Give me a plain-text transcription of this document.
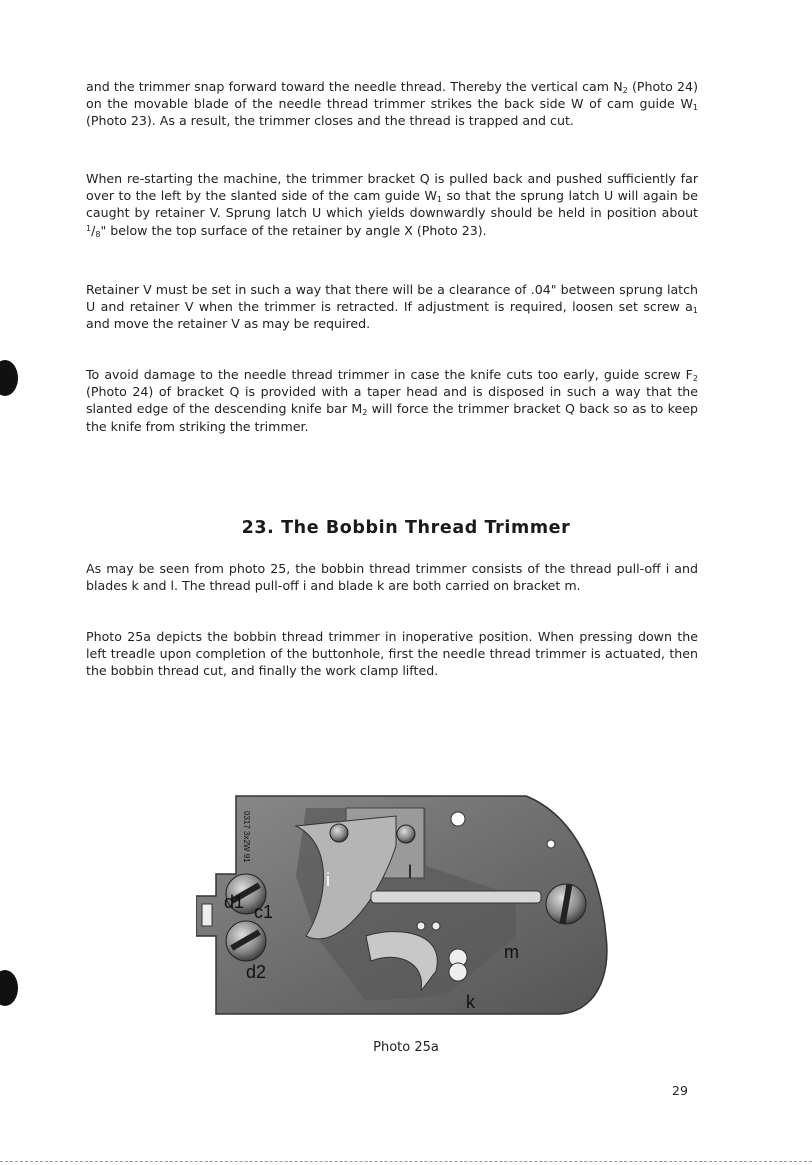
and the trimmer snap forward toward the needle thread. Thereby the vertical cam $N_2$ (Photo 24) on the movable blade of the needle thread trimmer strikes the back side W of cam guide $W_1$ (Photo 23). As a result, the trimmer closes and the thread is trapped and cut.

When re-starting the machine, the trimmer bracket Q is pulled back and pushed sufficiently far over to the left by the slanted side of the cam guide $W_1$ so that the sprung latch U will again be caught by retainer V. Sprung latch U which yields downwardly should be held in position about $^1/_8$" below the top surface of the retainer by angle X (Photo 23).

Retainer V must be set in such a way that there will be a clearance of .04" between sprung latch U and retainer V when the trimmer is retracted. If adjustment is required, loosen set screw $a_1$ and move the retainer V as may be required.

To avoid damage to the needle thread trimmer in case the knife cuts too early, guide screw $F_2$ (Photo 24) of bracket Q is provided with a taper head and is disposed in such a way that the slanted edge of the descending knife bar $M_2$ will force the trimmer bracket Q back so as to keep the knife from striking the trimmer.

23. The Bobbin Thread Trimmer

As may be seen from photo 25, the bobbin thread trimmer consists of the thread pull-off i and blades k and l. The thread pull-off i and blade k are both carried on bracket m.

Photo 25a depicts the bobbin thread trimmer in inoperative position. When pressing down the left treadle upon completion of the buttonhole, first the needle thread trimmer is actuated, then the bobbin thread cut, and finally the work clamp lifted.

d1 c1
d2
i	l
m
k
0317 3x2W 91
Photo 25a
29
